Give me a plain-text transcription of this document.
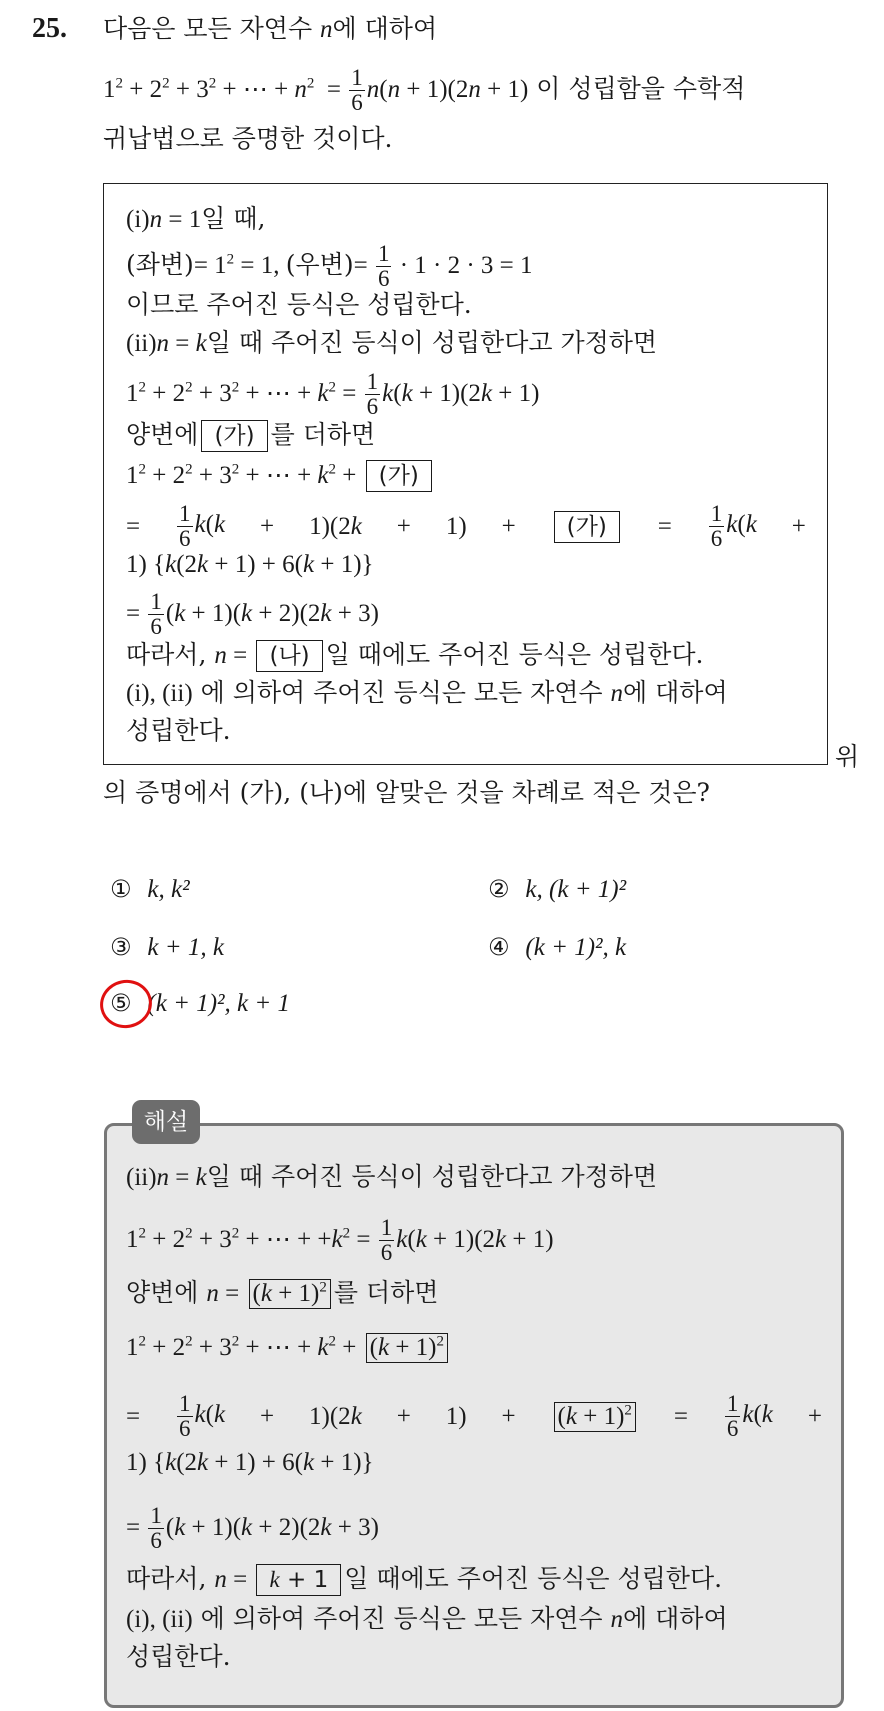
25. 다음은 모든 자연수 n에 대하여
$1^2 + 2^2 + 3^2$ + ⋯ + $n^2 = \frac{1}{6} n(n + 1)(2n + 1)$ 이 성립함을 수학적
귀납법으로 증명한 것이다.
(i)n = 1일 때,
(좌변)= $1^2 = 1$, (우변)= $\frac{1}{6} \cdot 1 \cdot 2 \cdot 3 = 1$
이므로 주어진 등식은 성립한다.
(ii)n = k일 때 주어진 등식이 성립한다고 가정하면
$1^2 + 2^2 + 3^2$ + ⋯ + $k^2 = \frac{1}{6} k(k + 1)(2k + 1)$
양변에 (가) 를 더하면
$1^2 + 2^2 + 3^2$ + ⋯ + $k^2$ + (가)
= $\frac{1}{6} k(k + 1)(2k + 1)$ +	(가)	= $\frac{1}{6} k(k$ +
1) {k(2k + 1) + 6(k + 1)}
= $\frac{1}{6} (k + 1)(k + 2)(2k + 3)$
따라서, n = (나) 일 때에도 주어진 등식은 성립한다.
(i), (ii) 에 의하여 주어진 등식은 모든 자연수 n에 대하여
성립한다.
위
의 증명에서 (가), (나)에 알맞은 것을 차례로 적은 것은?
① k, k²	② k, (k + 1)²
③ k + 1, k	④ (k + 1)², k
⑤ (k + 1)², k + 1
해설
(ii)n = k일 때 주어진 등식이 성립한다고 가정하면
$1^2 + 2^2 + 3^2$ + ⋯ + $+k^2 = \frac{1}{6} k(k + 1)(2k + 1)$
양변에 $n = (k + 1)^2$ 를 더하면
$1^2 + 2^2 + 3^2$ + ⋯ + $k^2 + (k + 1)^2$
= $\frac{1}{6} k(k + 1)(2k + 1) + (k + 1)^2 = \frac{1}{6} k(k$ +
1) {k(2k + 1) + 6(k + 1)}
= $\frac{1}{6} (k + 1)(k + 2)(2k + 3)$
따라서, n = k + 1 일 때에도 주어진 등식은 성립한다.
(i), (ii) 에 의하여 주어진 등식은 모든 자연수 n에 대하여
성립한다.
